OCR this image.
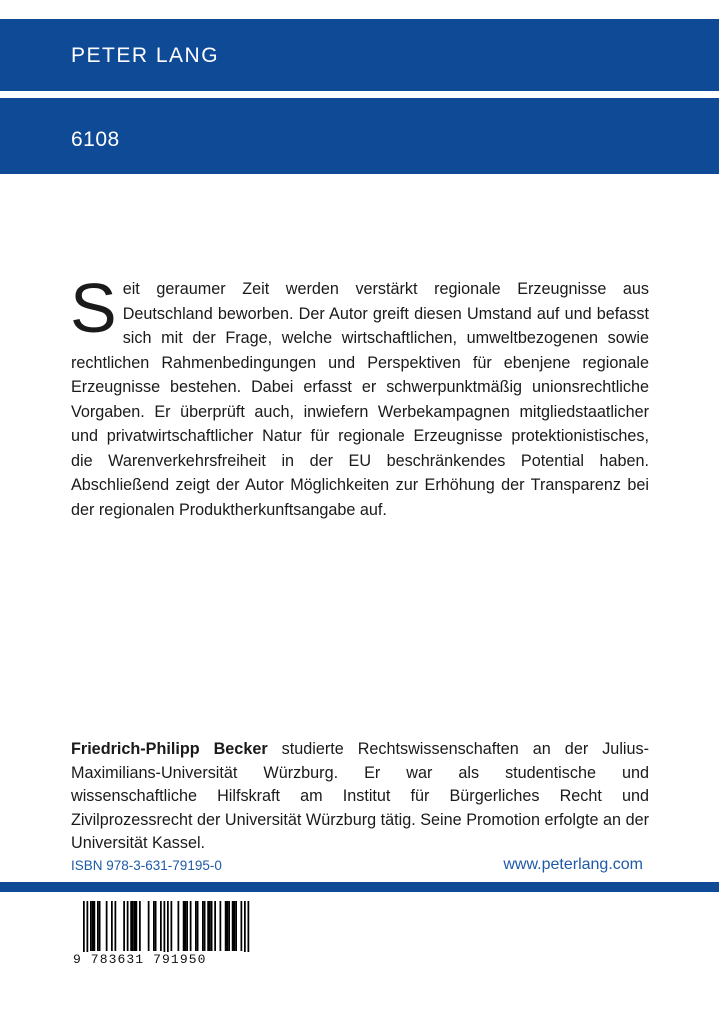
PETER LANG
6108

Seit geraumer Zeit werden verstärkt regionale Erzeugnisse aus Deutschland beworben. Der Autor greift diesen Umstand auf und befasst sich mit der Frage, welche wirtschaftlichen, umweltbezogenen sowie rechtlichen Rahmenbedingungen und Perspektiven für ebenjene regionale Erzeugnisse bestehen. Dabei erfasst er schwerpunktmäßig unionsrechtliche Vorgaben. Er überprüft auch, inwiefern Werbekampagnen mitgliedstaatlicher und privatwirtschaftlicher Natur für regionale Erzeugnisse protektionistisches, die Warenverkehrsfreiheit in der EU beschränkendes Potential haben. Abschließend zeigt der Autor Möglichkeiten zur Erhöhung der Transparenz bei der regionalen Produktherkunftsangabe auf.

Friedrich-Philipp Becker studierte Rechtswissenschaften an der Julius-Maximilians-Universität Würzburg. Er war als studentische und wissenschaftliche Hilfskraft am Institut für Bürgerliches Recht und Zivilprozessrecht der Universität Würzburg tätig. Seine Promotion erfolgte an der Universität Kassel.

ISBN 978-3-631-79195-0	www.peterlang.com
9 783631 791950
